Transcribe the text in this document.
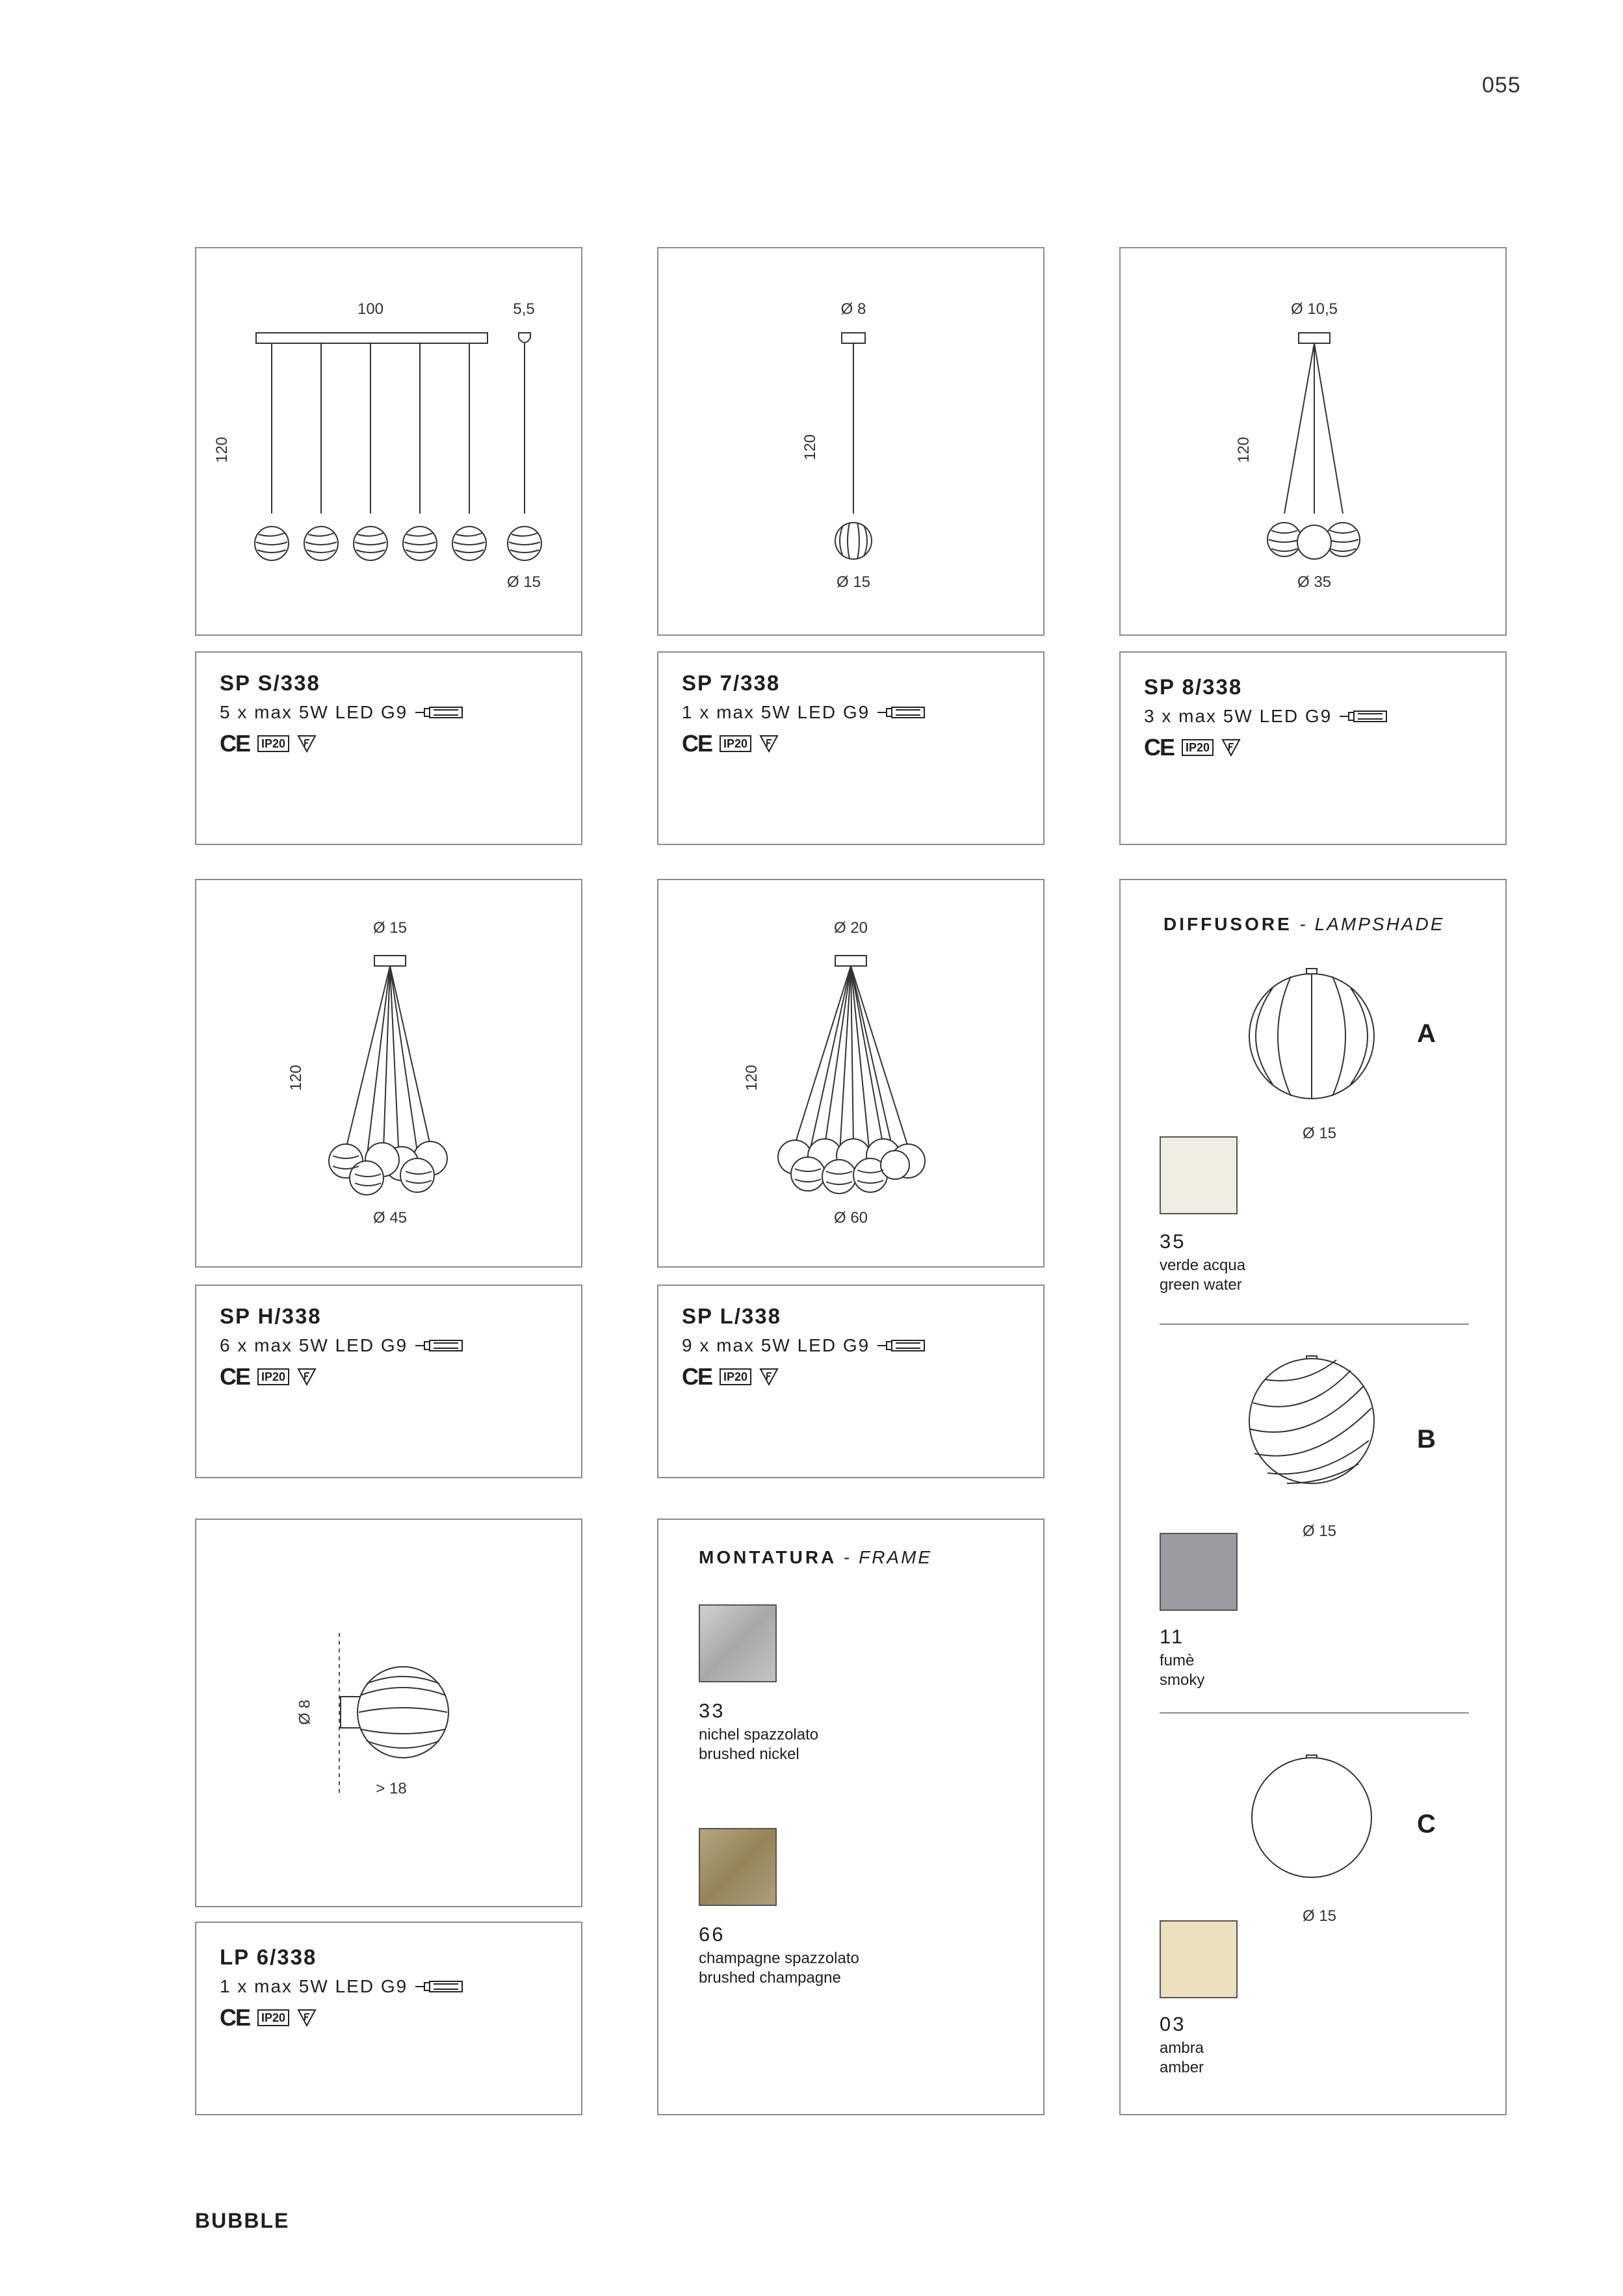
055
100	5,5
120
Ø 15
Ø 8
120
Ø 15
Ø 10,5
120
Ø 35
SP S/338
5 x max 5W LED G9
CE	IP20
SP 7/338
1 x max 5W LED G9
CE	IP20
SP 8/338
3 x max 5W LED G9
CE	IP20
Ø 15
120
Ø 45
Ø 20
120
Ø 60
SP H/338
6 x max 5W LED G9
CE	IP20
SP L/338
9 x max 5W LED G9
CE	IP20
Ø 8
> 18
LP 6/338
1 x max 5W LED G9
CE	IP20
MONTATURA - FRAME
33
nichel spazzolato
brushed nickel
66
champagne spazzolato
brushed champagne
DIFFUSORE - LAMPSHADE
A
Ø 15
35
verde acqua
green water
B
Ø 15
11
fumè
smoky
C
Ø 15
03
ambra
amber
BUBBLE
